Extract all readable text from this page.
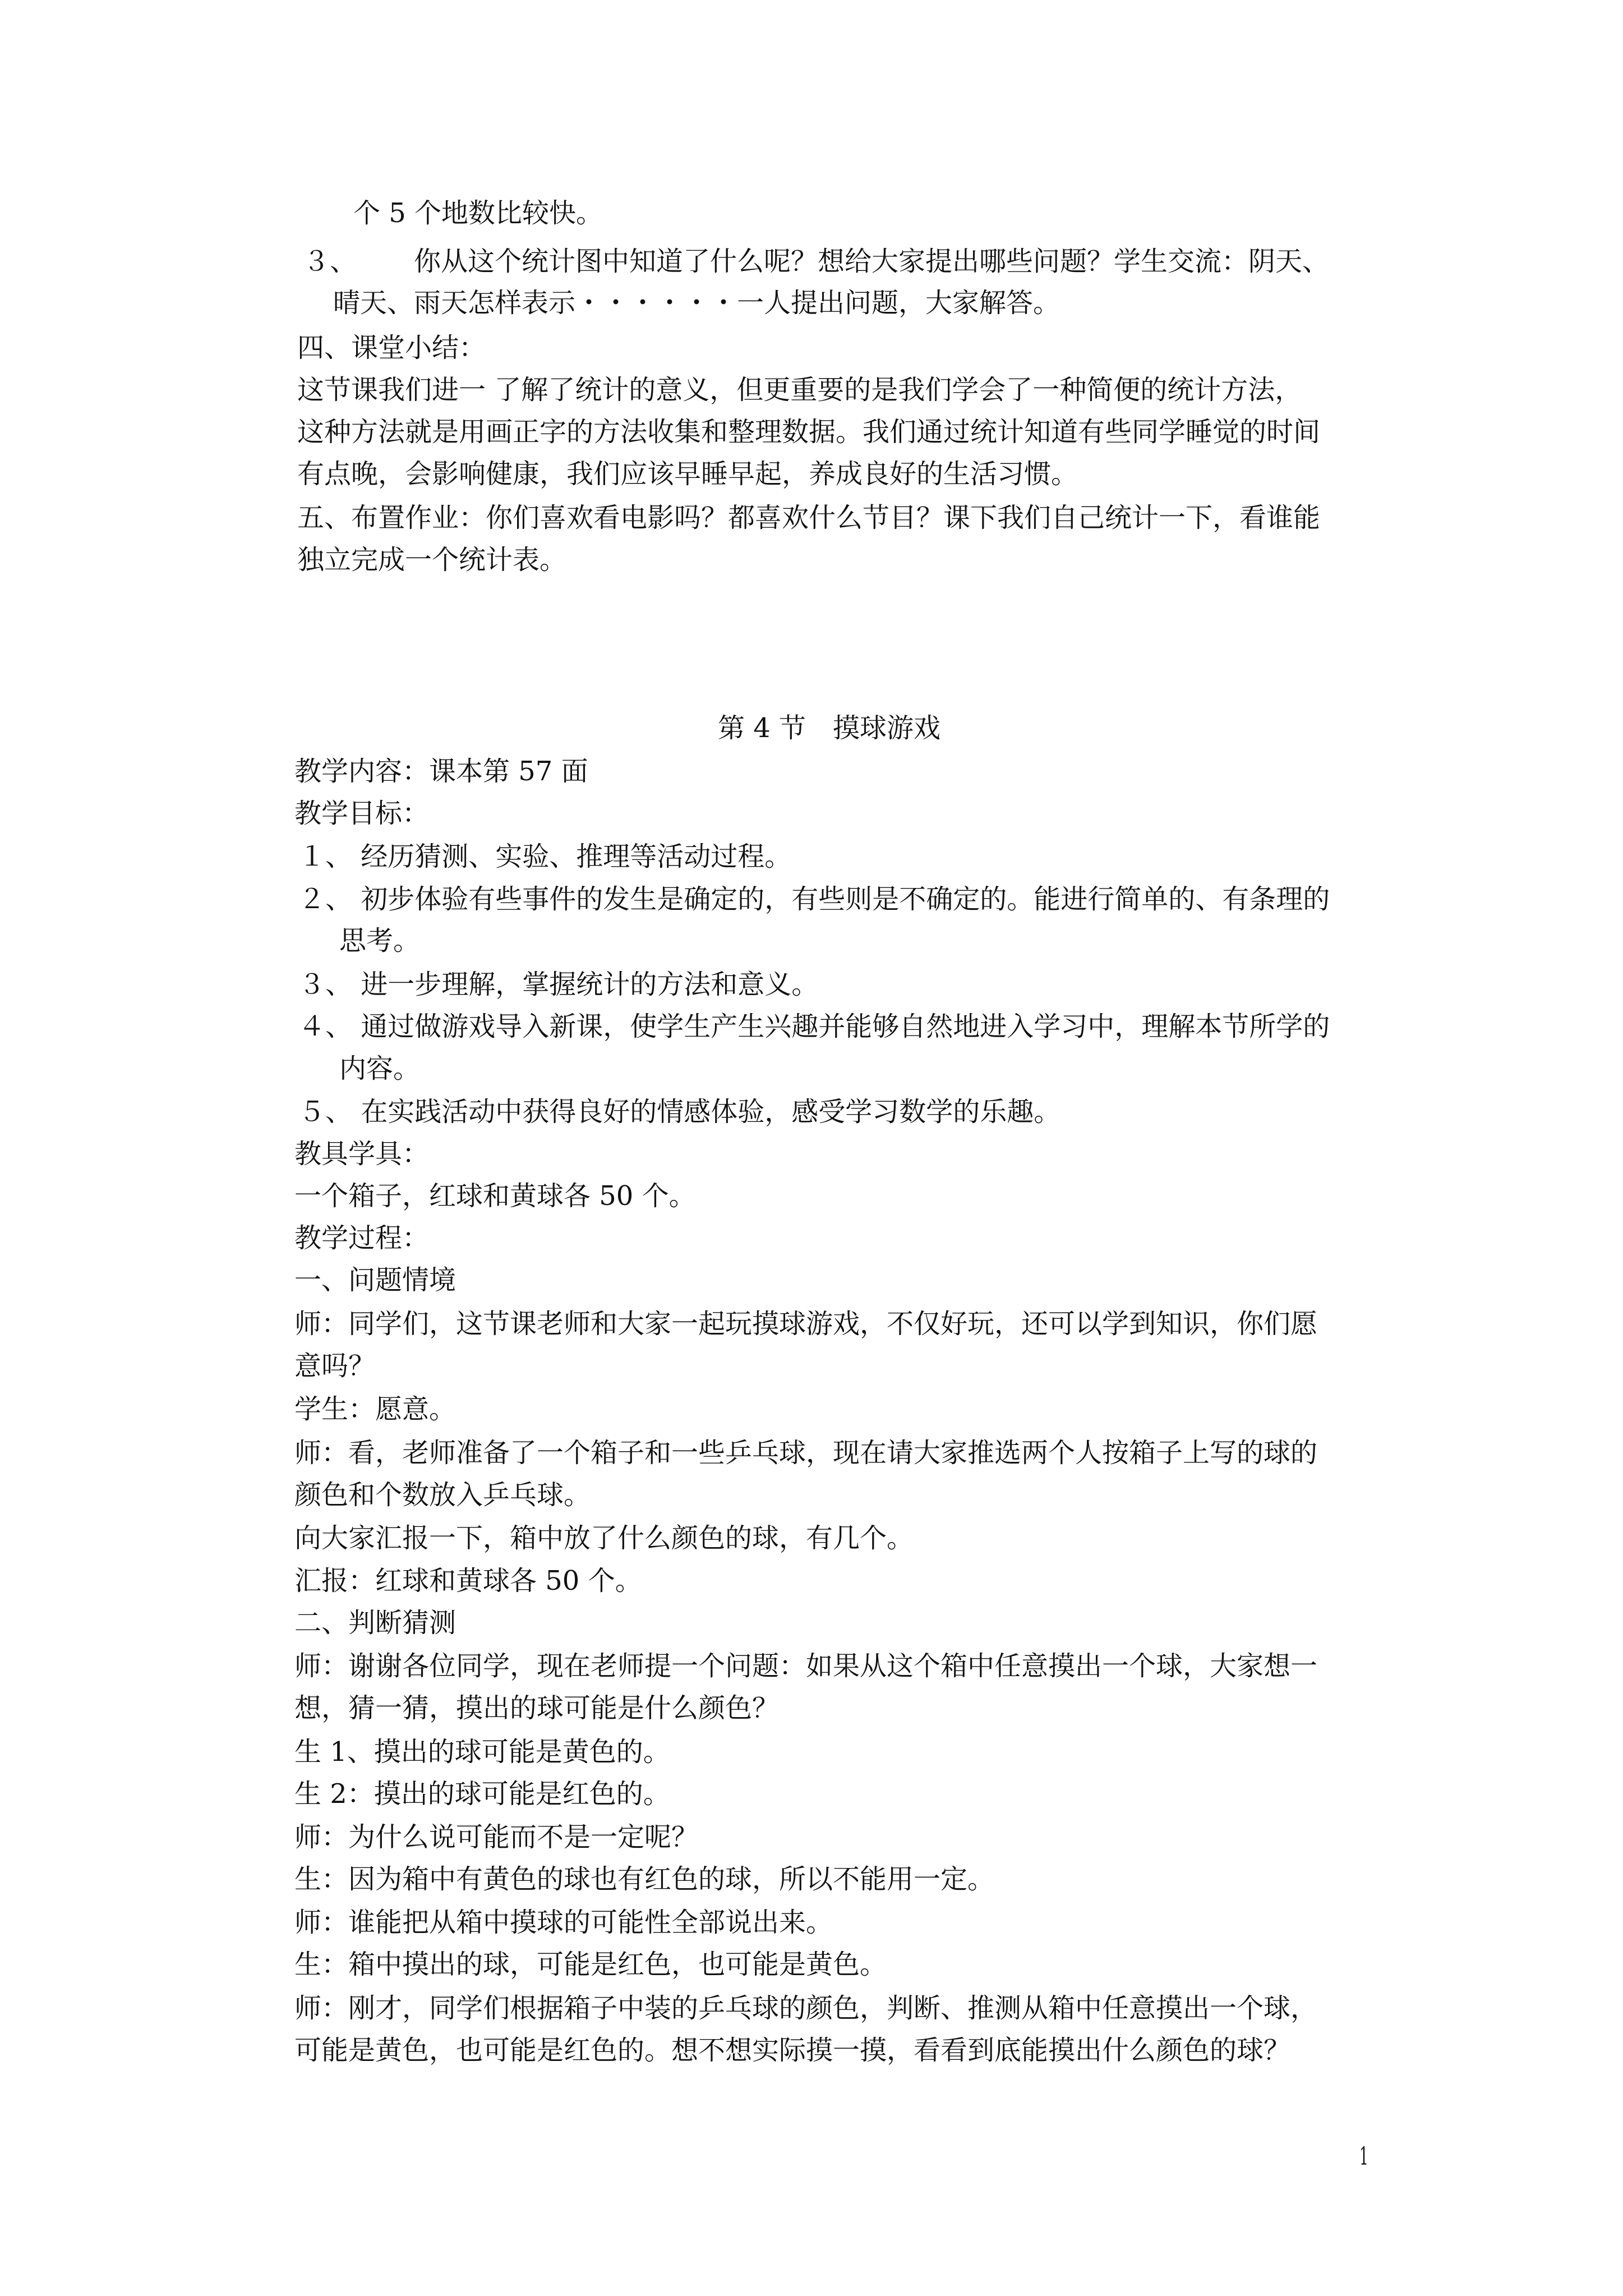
个 5 个地数比较快。
３、 你从这个统计图中知道了什么呢？想给大家提出哪些问题？学生交流：阴天、
晴天、雨天怎样表示・・・・・・一人提出问题，大家解答。
四、课堂小结：
这节课我们进一 了解了统计的意义，但更重要的是我们学会了一种简便的统计方法，
这种方法就是用画正字的方法收集和整理数据。我们通过统计知道有些同学睡觉的时间
有点晚，会影响健康，我们应该早睡早起，养成良好的生活习惯。
五、布置作业：你们喜欢看电影吗？都喜欢什么节目？课下我们自己统计一下，看谁能
独立完成一个统计表。
第 4 节　摸球游戏
教学内容：课本第 57 面
教学目标：
１、 经历猜测、实验、推理等活动过程。
２、 初步体验有些事件的发生是确定的，有些则是不确定的。能进行简单的、有条理的
思考。
３、 进一步理解，掌握统计的方法和意义。
４、 通过做游戏导入新课，使学生产生兴趣并能够自然地进入学习中，理解本节所学的
内容。
５、 在实践活动中获得良好的情感体验，感受学习数学的乐趣。
教具学具：
一个箱子，红球和黄球各 50 个。
教学过程：
一、问题情境
师：同学们，这节课老师和大家一起玩摸球游戏，不仅好玩，还可以学到知识，你们愿
意吗？
学生：愿意。
师：看，老师准备了一个箱子和一些乒乓球，现在请大家推选两个人按箱子上写的球的
颜色和个数放入乒乓球。
向大家汇报一下，箱中放了什么颜色的球，有几个。
汇报：红球和黄球各 50 个。
二、判断猜测
师：谢谢各位同学，现在老师提一个问题：如果从这个箱中任意摸出一个球，大家想一
想，猜一猜，摸出的球可能是什么颜色？
生 1、摸出的球可能是黄色的。
生 2：摸出的球可能是红色的。
师：为什么说可能而不是一定呢？
生：因为箱中有黄色的球也有红色的球，所以不能用一定。
师：谁能把从箱中摸球的可能性全部说出来。
生：箱中摸出的球，可能是红色，也可能是黄色。
师：刚才，同学们根据箱子中装的乒乓球的颜色，判断、推测从箱中任意摸出一个球，
可能是黄色，也可能是红色的。想不想实际摸一摸，看看到底能摸出什么颜色的球？
1
